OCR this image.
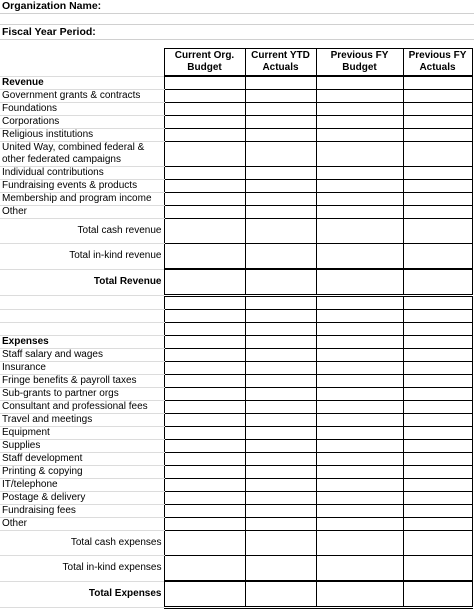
Organization Name:
Fiscal Year Period:
	Current Org. Budget	Current YTD Actuals	Previous FY Budget	Previous FY Actuals
Revenue				
Government grants & contracts				
Foundations				
Corporations				
Religious institutions				
United Way, combined federal & other federated campaigns				
Individual contributions				
Fundraising events & products				
Membership and program income				
Other				
Total cash revenue				
Total in-kind revenue				
Total Revenue				

Expenses				
Staff salary and wages				
Insurance				
Fringe benefits & payroll taxes				
Sub-grants to partner orgs				
Consultant and professional fees				
Travel and meetings				
Equipment				
Supplies				
Staff development				
Printing & copying				
IT/telephone				
Postage & delivery				
Fundraising fees				
Other				
Total cash expenses				
Total in-kind expenses				
Total Expenses				
